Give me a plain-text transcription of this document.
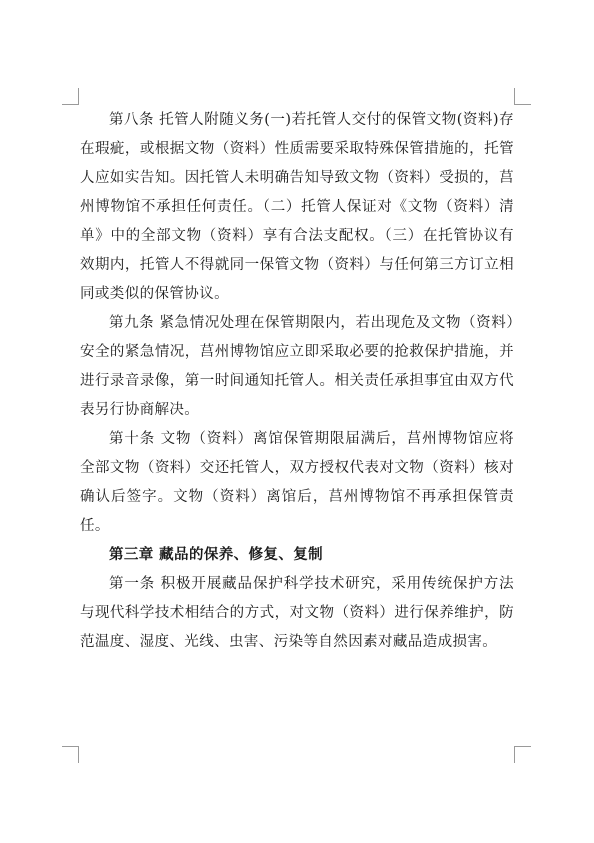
第八条 托管人附随义务(一)若托管人交付的保管文物(资料)存在瑕疵，或根据文物（资料）性质需要采取特殊保管措施的，托管人应如实告知。因托管人未明确告知导致文物（资料）受损的，莒州博物馆不承担任何责任。（二）托管人保证对《文物（资料）清单》中的全部文物（资料）享有合法支配权。（三）在托管协议有效期内，托管人不得就同一保管文物（资料）与任何第三方订立相同或类似的保管协议。

第九条 紧急情况处理在保管期限内，若出现危及文物（资料）安全的紧急情况，莒州博物馆应立即采取必要的抢救保护措施，并进行录音录像，第一时间通知托管人。相关责任承担事宜由双方代表另行协商解决。

第十条 文物（资料）离馆保管期限届满后，莒州博物馆应将全部文物（资料）交还托管人，双方授权代表对文物（资料）核对确认后签字。文物（资料）离馆后，莒州博物馆不再承担保管责任。

第三章 藏品的保养、修复、复制

第一条 积极开展藏品保护科学技术研究，采用传统保护方法与现代科学技术相结合的方式，对文物（资料）进行保养维护，防范温度、湿度、光线、虫害、污染等自然因素对藏品造成损害。
